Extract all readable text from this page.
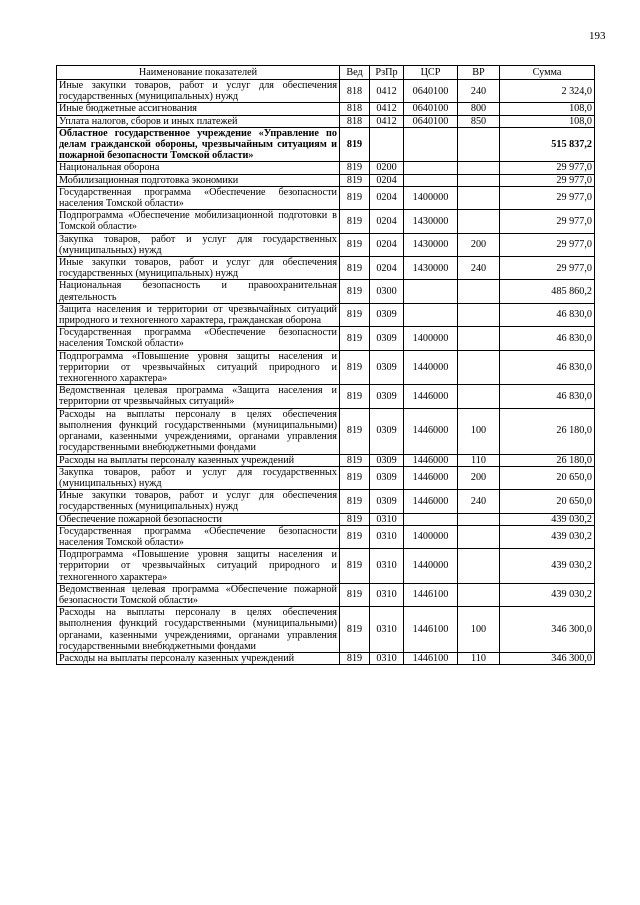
193
Наименование показателей	Вед	РзПр	ЦСР	ВР	Сумма
Иные закупки товаров, работ и услуг для обеспечения государственных (муниципальных) нужд	818	0412	0640100	240	2 324,0
Иные бюджетные ассигнования	818	0412	0640100	800	108,0
Уплата налогов, сборов и иных платежей	818	0412	0640100	850	108,0
Областное государственное учреждение «Управление по делам гражданской обороны, чрезвычайным ситуациям и пожарной безопасности Томской области»	819				515 837,2
Национальная оборона	819	0200			29 977,0
Мобилизационная подготовка экономики	819	0204			29 977,0
Государственная программа «Обеспечение безопасности населения Томской области»	819	0204	1400000		29 977,0
Подпрограмма «Обеспечение мобилизационной подготовки в Томской области»	819	0204	1430000		29 977,0
Закупка товаров, работ и услуг для государственных (муниципальных) нужд	819	0204	1430000	200	29 977,0
Иные закупки товаров, работ и услуг для обеспечения государственных (муниципальных) нужд	819	0204	1430000	240	29 977,0
Национальная безопасность и правоохранительная деятельность	819	0300			485 860,2
Защита населения и территории от чрезвычайных ситуаций природного и техногенного характера, гражданская оборона	819	0309			46 830,0
Государственная программа «Обеспечение безопасности населения Томской области»	819	0309	1400000		46 830,0
Подпрограмма «Повышение уровня защиты населения и территории от чрезвычайных ситуаций природного и техногенного характера»	819	0309	1440000		46 830,0
Ведомственная целевая программа «Защита населения и территории от чрезвычайных ситуаций»	819	0309	1446000		46 830,0
Расходы на выплаты персоналу в целях обеспечения выполнения функций государственными (муниципальными) органами, казенными учреждениями, органами управления государственными внебюджетными фондами	819	0309	1446000	100	26 180,0
Расходы на выплаты персоналу казенных учреждений	819	0309	1446000	110	26 180,0
Закупка товаров, работ и услуг для государственных (муниципальных) нужд	819	0309	1446000	200	20 650,0
Иные закупки товаров, работ и услуг для обеспечения государственных (муниципальных) нужд	819	0309	1446000	240	20 650,0
Обеспечение пожарной безопасности	819	0310			439 030,2
Государственная программа «Обеспечение безопасности населения Томской области»	819	0310	1400000		439 030,2
Подпрограмма «Повышение уровня защиты населения и территории от чрезвычайных ситуаций природного и техногенного характера»	819	0310	1440000		439 030,2
Ведомственная целевая программа «Обеспечение пожарной безопасности Томской области»	819	0310	1446100		439 030,2
Расходы на выплаты персоналу в целях обеспечения выполнения функций государственными (муниципальными) органами, казенными учреждениями, органами управления государственными внебюджетными фондами	819	0310	1446100	100	346 300,0
Расходы на выплаты персоналу казенных учреждений	819	0310	1446100	110	346 300,0
